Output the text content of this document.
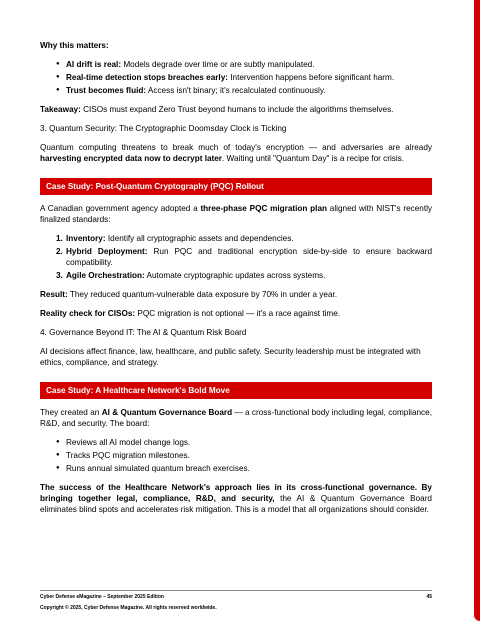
Why this matters:
● AI drift is real: Models degrade over time or are subtly manipulated.
● Real-time detection stops breaches early: Intervention happens before significant harm.
● Trust becomes fluid: Access isn't binary; it's recalculated continuously.
Takeaway: CISOs must expand Zero Trust beyond humans to include the algorithms themselves.
3. Quantum Security: The Cryptographic Doomsday Clock is Ticking
Quantum computing threatens to break much of today's encryption — and adversaries are already harvesting encrypted data now to decrypt later. Waiting until "Quantum Day" is a recipe for crisis.
Case Study: Post-Quantum Cryptography (PQC) Rollout
A Canadian government agency adopted a three-phase PQC migration plan aligned with NIST's recently finalized standards:
1. Inventory: Identify all cryptographic assets and dependencies.
2. Hybrid Deployment: Run PQC and traditional encryption side-by-side to ensure backward compatibility.
3. Agile Orchestration: Automate cryptographic updates across systems.
Result: They reduced quantum-vulnerable data exposure by 70% in under a year.
Reality check for CISOs: PQC migration is not optional — it's a race against time.
4. Governance Beyond IT: The AI & Quantum Risk Board
AI decisions affect finance, law, healthcare, and public safety. Security leadership must be integrated with ethics, compliance, and strategy.
Case Study: A Healthcare Network's Bold Move
They created an AI & Quantum Governance Board — a cross-functional body including legal, compliance, R&D, and security. The board:
● Reviews all AI model change logs.
● Tracks PQC migration milestones.
● Runs annual simulated quantum breach exercises.
The success of the Healthcare Network's approach lies in its cross-functional governance. By bringing together legal, compliance, R&D, and security, the AI & Quantum Governance Board eliminates blind spots and accelerates risk mitigation. This is a model that all organizations should consider.
Cyber Defense eMagazine – September 2025 Edition	45
Copyright © 2025, Cyber Defense Magazine. All rights reserved worldwide.
